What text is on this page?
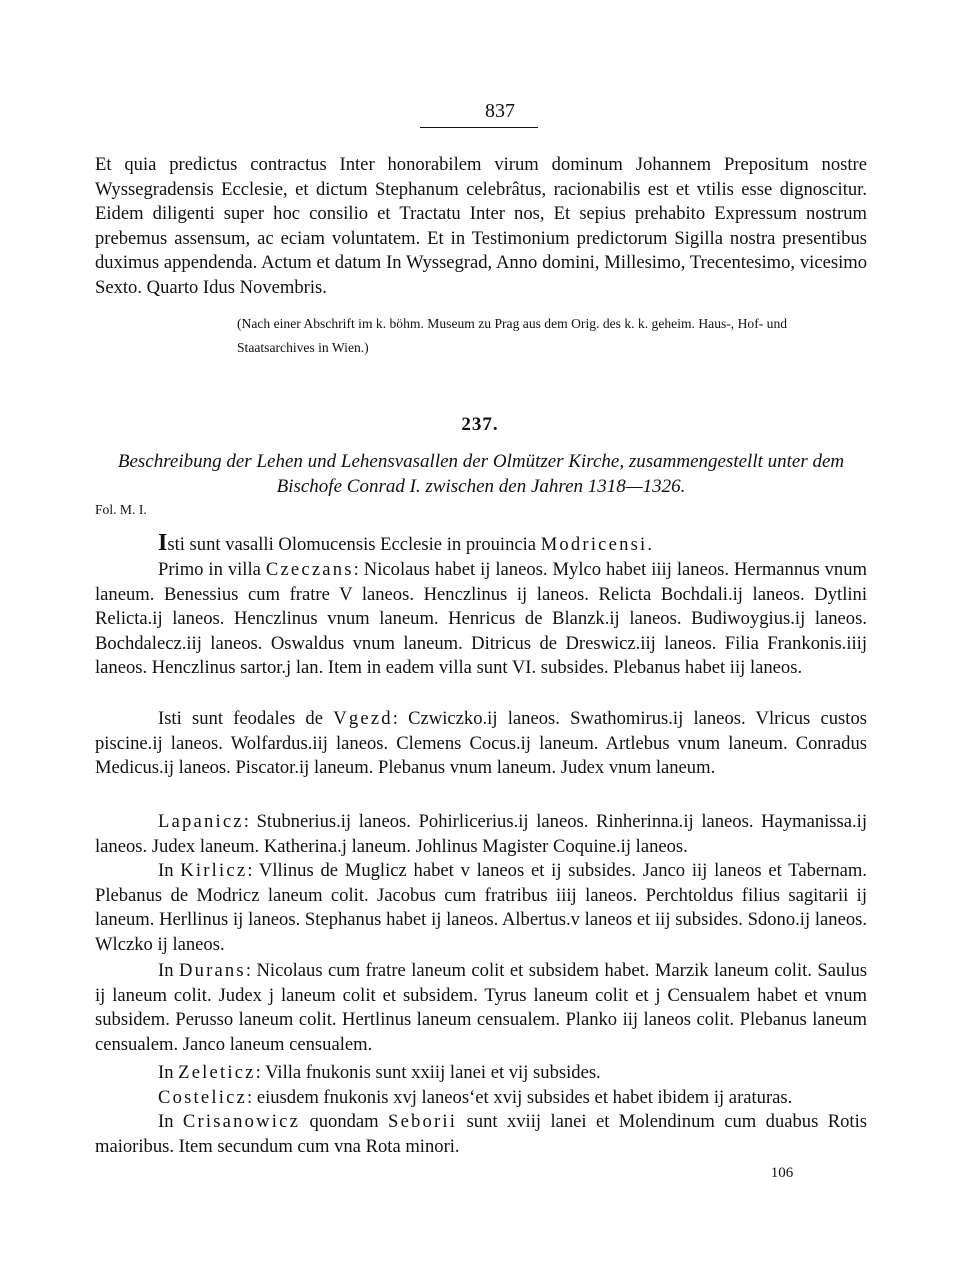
837

Et quia predictus contractus Inter honorabilem virum dominum Johannem Prepositum nostre Wyssegradensis Ecclesie, et dictum Stephanum celebrâtus, racionabilis est et vtilis esse dignoscitur. Eidem diligenti super hoc consilio et Tractatu Inter nos, Et sepius prehabito Expressum nostrum prebemus assensum, ac eciam voluntatem. Et in Testimonium predictorum Sigilla nostra presentibus duximus appendenda. Actum et datum In Wyssegrad, Anno domini, Millesimo, Trecentesimo, vicesimo Sexto. Quarto Idus Novembris.

(Nach einer Abschrift im k. böhm. Museum zu Prag aus dem Orig. des k. k. geheim. Haus-, Hof- und Staatsarchives in Wien.)

237.

Beschreibung der Lehen und Lehensvasallen der Olmützer Kirche, zusammengestellt unter dem Bischofe Conrad I. zwischen den Jahren 1318—1326.

Fol. M. I.

Isti sunt vasalli Olomucensis Ecclesie in prouincia Modricensi.

Primo in villa Czeczans: Nicolaus habet ij laneos. Mylco habet iiij laneos. Hermannus vnum laneum. Benessius cum fratre V laneos. Henczlinus ij laneos. Relicta Bochdali.ij laneos. Dytlini Relicta.ij laneos. Henczlinus vnum laneum. Henricus de Blanzk.ij laneos. Budiwoygius.ij laneos. Bochdalecz.iij laneos. Oswaldus vnum laneum. Ditricus de Dreswicz.iij laneos. Filia Frankonis.iiij laneos. Henczlinus sartor.j lan. Item in eadem villa sunt VI. subsides. Plebanus habet iij laneos.

Isti sunt feodales de Vgezd: Czwiczko.ij laneos. Swathomirus.ij laneos. Vlricus custos piscine.ij laneos. Wolfardus.iij laneos. Clemens Cocus.ij laneum. Artlebus vnum laneum. Conradus Medicus.ij laneos. Piscator.ij laneum. Plebanus vnum laneum. Judex vnum laneum.

Lapanicz: Stubnerius.ij laneos. Pohirlicerius.ij laneos. Rinherinna.ij laneos. Haymanissa.ij laneos. Judex laneum. Katherina.j laneum. Johlinus Magister Coquine.ij laneos.

In Kirlicz: Vllinus de Muglicz habet v laneos et ij subsides. Janco iij laneos et Tabernam. Plebanus de Modricz laneum colit. Jacobus cum fratribus iiij laneos. Perchtoldus filius sagitarii ij laneum. Herllinus ij laneos. Stephanus habet ij laneos. Albertus.v laneos et iij subsides. Sdono.ij laneos. Wlczko ij laneos.

In Durans: Nicolaus cum fratre laneum colit et subsidem habet. Marzik laneum colit. Saulus ij laneum colit. Judex j laneum colit et subsidem. Tyrus laneum colit et j Censualem habet et vnum subsidem. Perusso laneum colit. Hertlinus laneum censualem. Planko iij laneos colit. Plebanus laneum censualem. Janco laneum censualem.

In Zeleticz: Villa fnukonis sunt xxiij lanei et vij subsides.

Costelicz: eiusdem fnukonis xvj laneosʻet xvij subsides et habet ibidem ij araturas.

In Crisanowicz quondam Seborii sunt xviij lanei et Molendinum cum duabus Rotis maioribus. Item secundum cum vna Rota minori.

106
